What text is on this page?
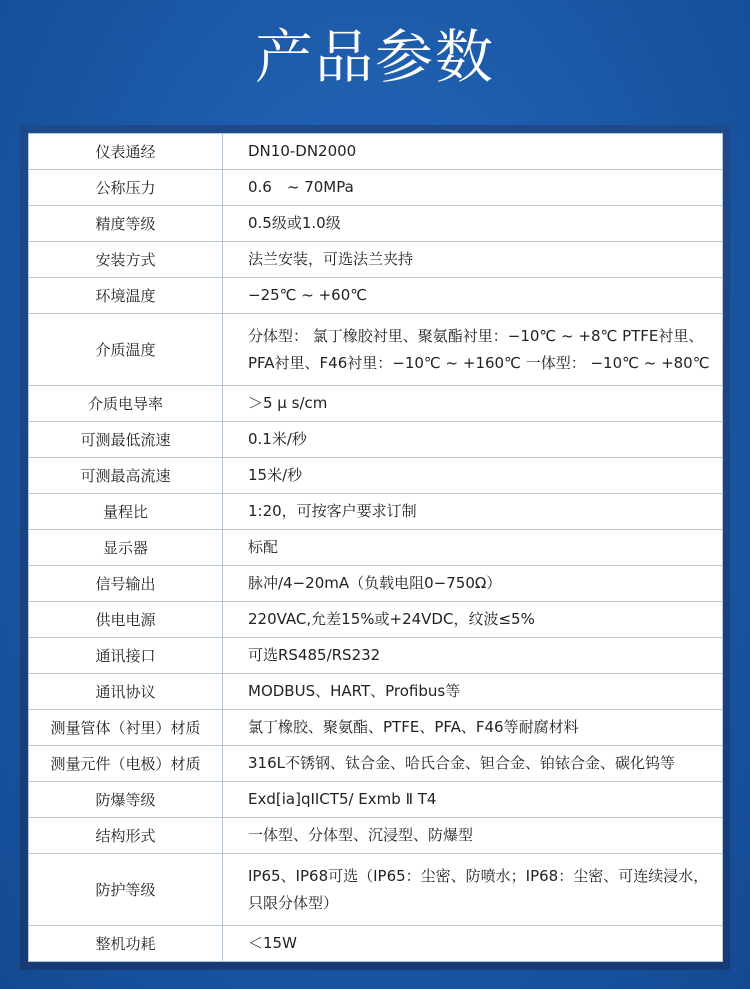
产品参数
仪表通经	DN10-DN2000
公称压力	0.6　~ 70MPa
精度等级	0.5级或1.0级
安装方式	法兰安装，可选法兰夹持
环境温度	−25℃ ~ +60℃
介质温度	分体型： 氯丁橡胶衬里、聚氨酯衬里：−10℃ ~ +8℃ PTFE衬里、PFA衬里、F46衬里：−10℃ ~ +160℃ 一体型： −10℃ ~ +80℃
介质电导率	＞5 μ s/cm
可测最低流速	0.1米/秒
可测最高流速	15米/秒
量程比	1:20，可按客户要求订制
显示器	标配
信号输出	脉冲/4−20mA（负载电阻0−750Ω）
供电电源	220VAC,允差15%或+24VDC，纹波≤5%
通讯接口	可选RS485/RS232
通讯协议	MODBUS、HART、Profibus等
测量管体（衬里）材质	氯丁橡胶、聚氨酯、PTFE、PFA、F46等耐腐材料
测量元件（电极）材质	316L不锈钢、钛合金、哈氏合金、钽合金、铂铱合金、碳化钨等
防爆等级	Exd[ia]qIICT5/ Exmb Ⅱ T4
结构形式	一体型、分体型、沉浸型、防爆型
防护等级	IP65、IP68可选（IP65：尘密、防喷水；IP68：尘密、可连续浸水，只限分体型）
整机功耗	＜15W
